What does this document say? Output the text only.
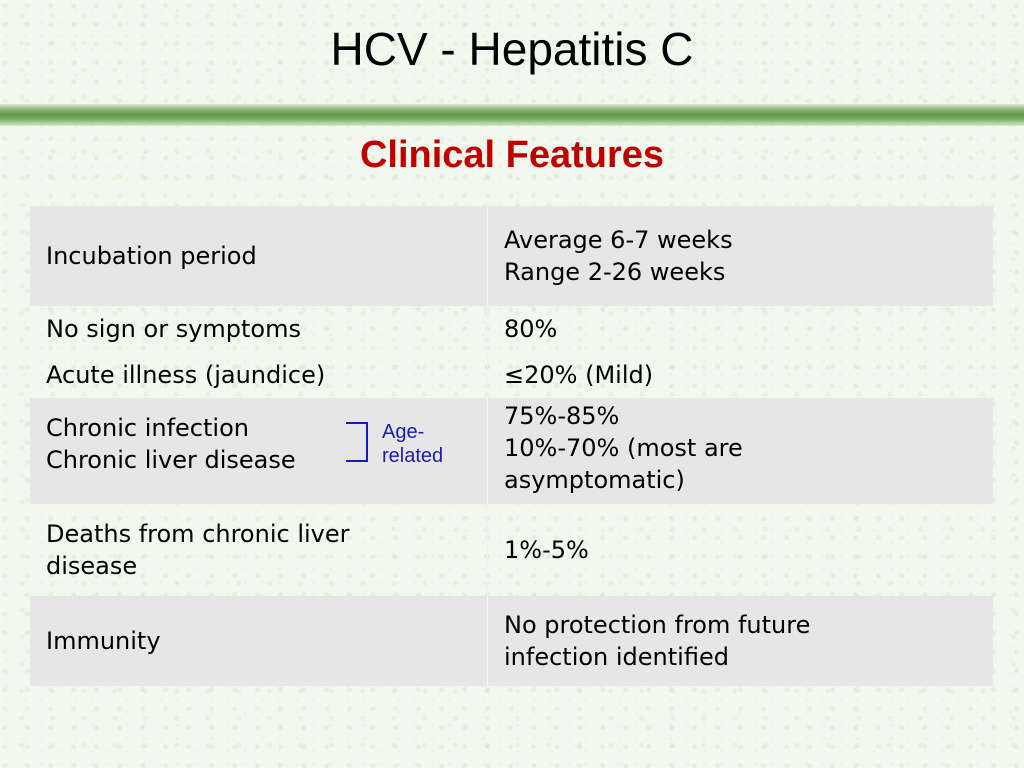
HCV - Hepatitis C
Clinical Features
Incubation period
Average 6-7 weeks
Range 2-26 weeks
No sign or symptoms	80%
Acute illness (jaundice)	≤20% (Mild)
Chronic infection
Chronic liver disease
Age-
related
75%-85%
10%-70% (most are
asymptomatic)
Deaths from chronic liver
disease
1%-5%
Immunity
No protection from future
infection identified
